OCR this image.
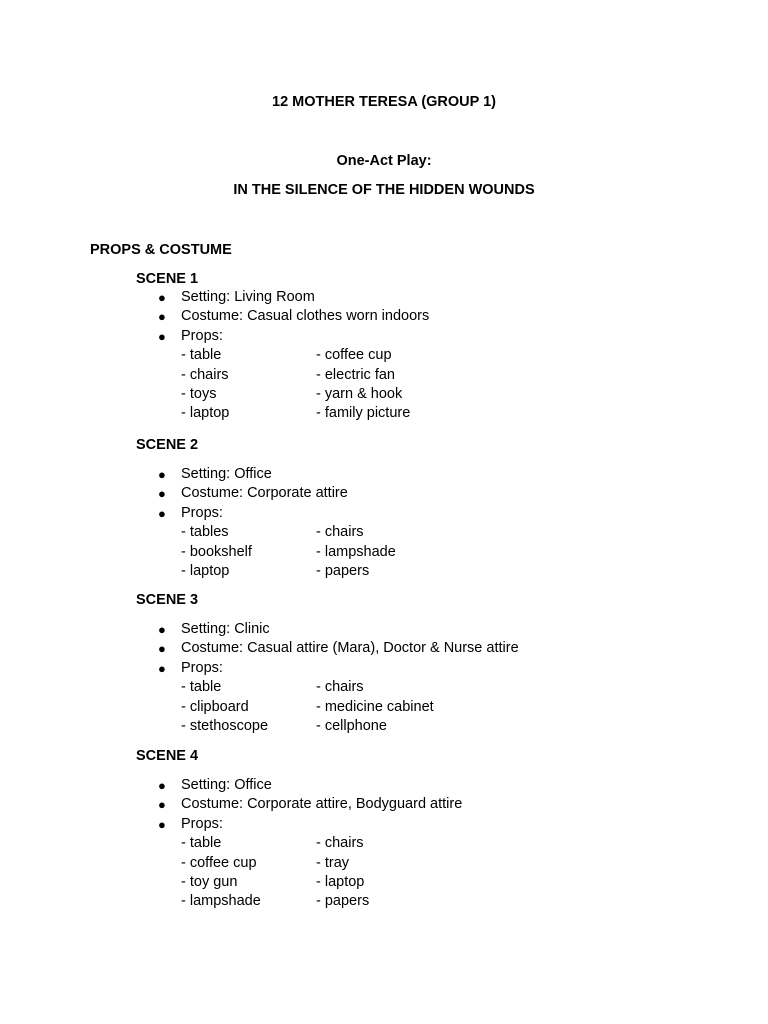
12 MOTHER TERESA (GROUP 1)
One-Act Play:
IN THE SILENCE OF THE HIDDEN WOUNDS
PROPS & COSTUME
SCENE 1
● Setting: Living Room
● Costume: Casual clothes worn indoors
● Props:
- table	- coffee cup
- chairs	- electric fan
- toys	- yarn & hook
- laptop	- family picture
SCENE 2
● Setting: Office
● Costume: Corporate attire
● Props:
- tables	- chairs
- bookshelf	- lampshade
- laptop	- papers
SCENE 3
● Setting: Clinic
● Costume: Casual attire (Mara), Doctor & Nurse attire
● Props:
- table	- chairs
- clipboard	- medicine cabinet
- stethoscope	- cellphone
SCENE 4
● Setting: Office
● Costume: Corporate attire, Bodyguard attire
● Props:
- table	- chairs
- coffee cup	- tray
- toy gun	- laptop
- lampshade	- papers
